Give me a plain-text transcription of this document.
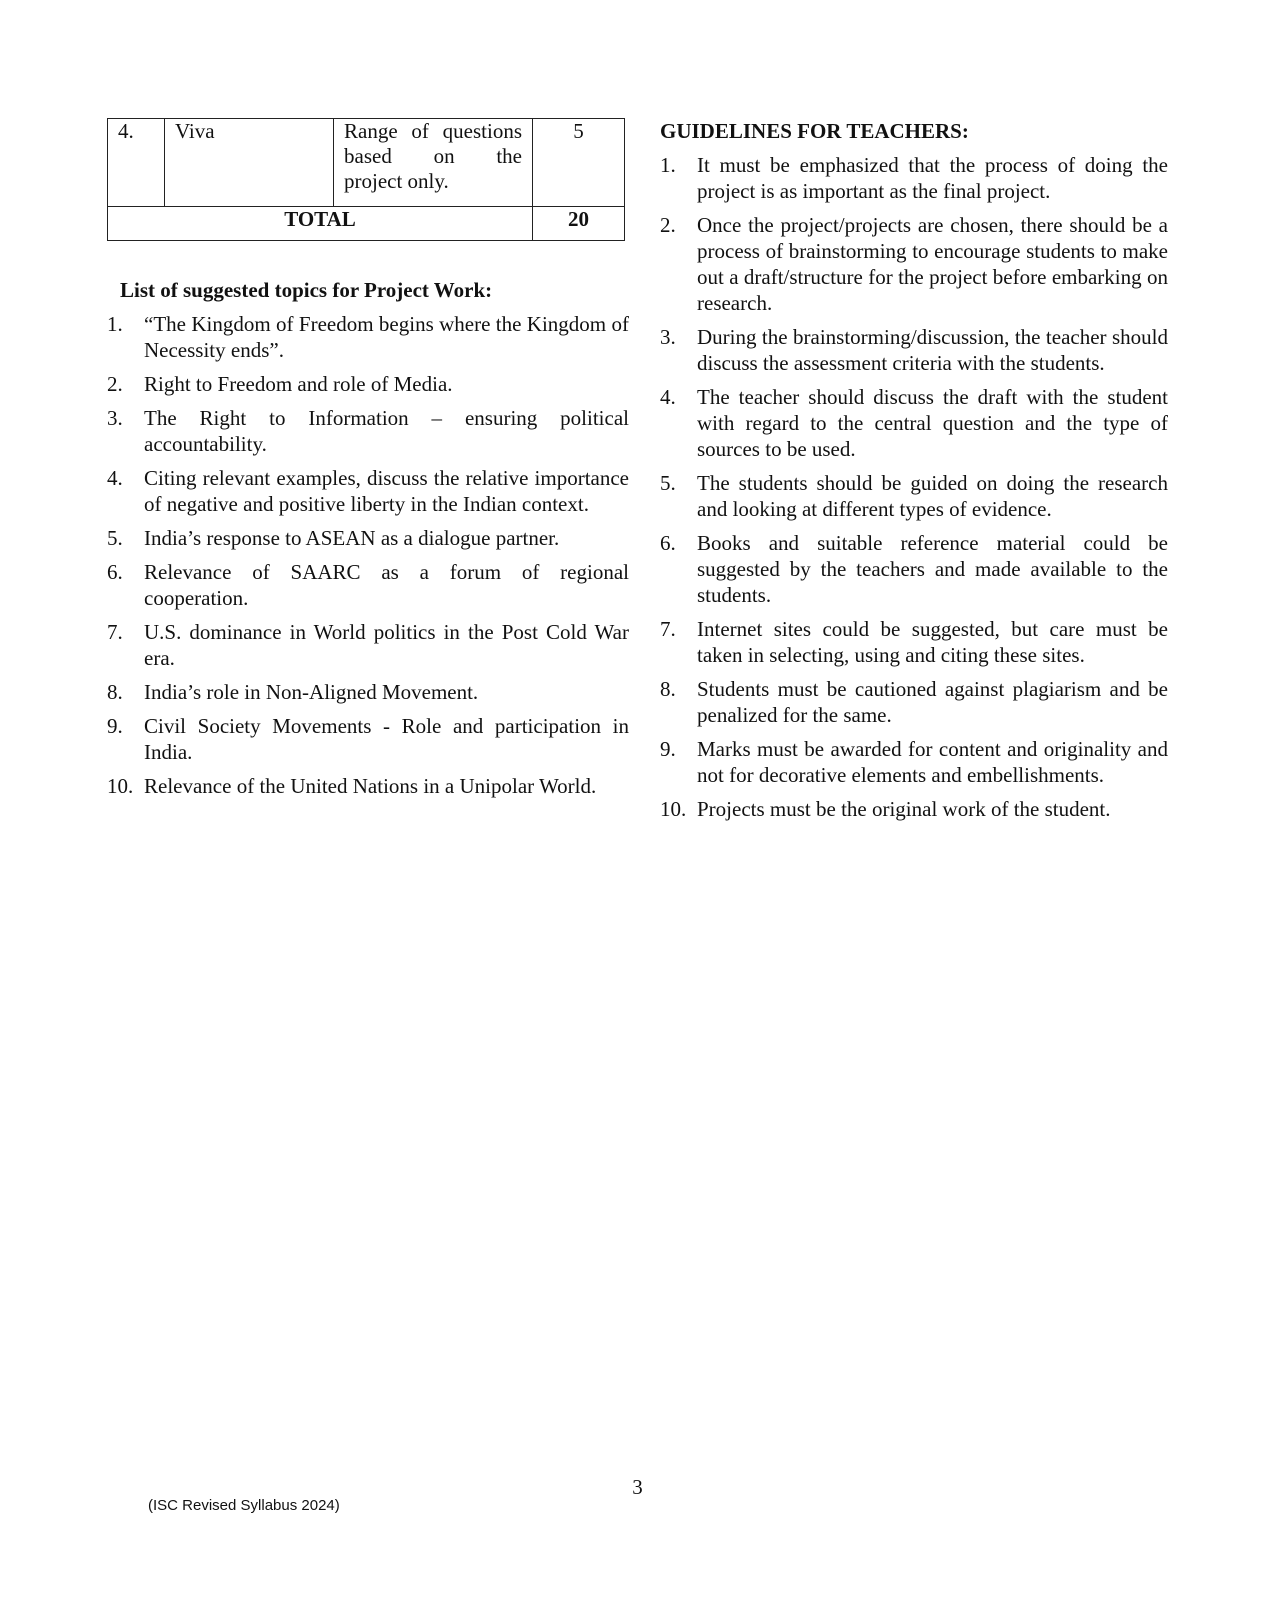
4.	Viva	Range of questions
based on the
project only.	5
TOTAL			20
List of suggested topics for Project Work:
1. “The Kingdom of Freedom begins where the Kingdom of Necessity ends”.
2. Right to Freedom and role of Media.
3. The Right to Information – ensuring political accountability.
4. Citing relevant examples, discuss the relative importance of negative and positive liberty in the Indian context.
5. India’s response to ASEAN as a dialogue partner.
6. Relevance of SAARC as a forum of regional cooperation.
7. U.S. dominance in World politics in the Post Cold War era.
8. India’s role in Non-Aligned Movement.
9. Civil Society Movements - Role and participation in India.
10. Relevance of the United Nations in a Unipolar World.
GUIDELINES FOR TEACHERS:
1. It must be emphasized that the process of doing the project is as important as the final project.
2. Once the project/projects are chosen, there should be a process of brainstorming to encourage students to make out a draft/structure for the project before embarking on research.
3. During the brainstorming/discussion, the teacher should discuss the assessment criteria with the students.
4. The teacher should discuss the draft with the student with regard to the central question and the type of sources to be used.
5. The students should be guided on doing the research and looking at different types of evidence.
6. Books and suitable reference material could be suggested by the teachers and made available to the students.
7. Internet sites could be suggested, but care must be taken in selecting, using and citing these sites.
8. Students must be cautioned against plagiarism and be penalized for the same.
9. Marks must be awarded for content and originality and not for decorative elements and embellishments.
10. Projects must be the original work of the student.
3
(ISC Revised Syllabus 2024)
